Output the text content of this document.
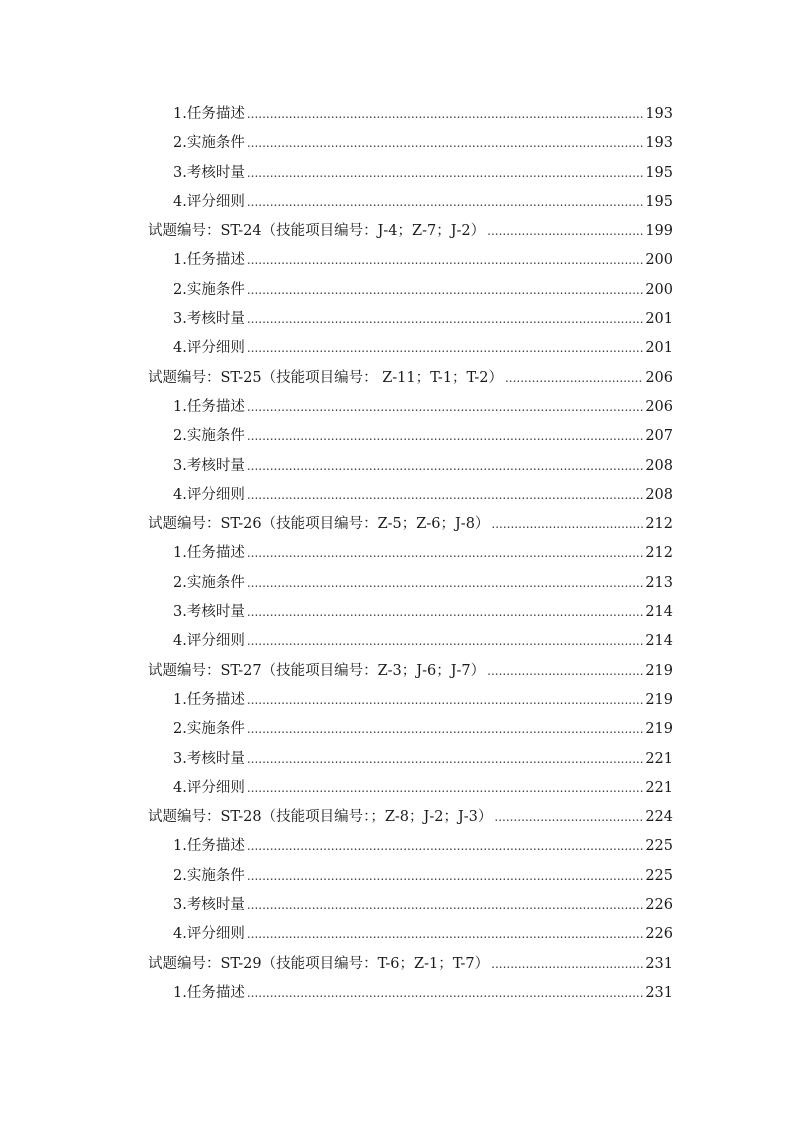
1.任务描述 .....	193
2.实施条件 .....	193
3.考核时量 .....	195
4.评分细则 .....	195
试题编号：ST-24（技能项目编号：J-4；Z-7；J-2） .....	199
1.任务描述 .....	200
2.实施条件 .....	200
3.考核时量 .....	201
4.评分细则 .....	201
试题编号：ST-25（技能项目编号： Z-11；T-1；T-2） .....	206
1.任务描述 .....	206
2.实施条件 .....	207
3.考核时量 .....	208
4.评分细则 .....	208
试题编号：ST-26（技能项目编号：Z-5；Z-6；J-8） .....	212
1.任务描述 .....	212
2.实施条件 .....	213
3.考核时量 .....	214
4.评分细则 .....	214
试题编号：ST-27（技能项目编号：Z-3；J-6；J-7） .....	219
1.任务描述 .....	219
2.实施条件 .....	219
3.考核时量 .....	221
4.评分细则 .....	221
试题编号：ST-28（技能项目编号：；Z-8；J-2；J-3） .....	224
1.任务描述 .....	225
2.实施条件 .....	225
3.考核时量 .....	226
4.评分细则 .....	226
试题编号：ST-29（技能项目编号：T-6；Z-1；T-7） .....	231
1.任务描述 .....	231
